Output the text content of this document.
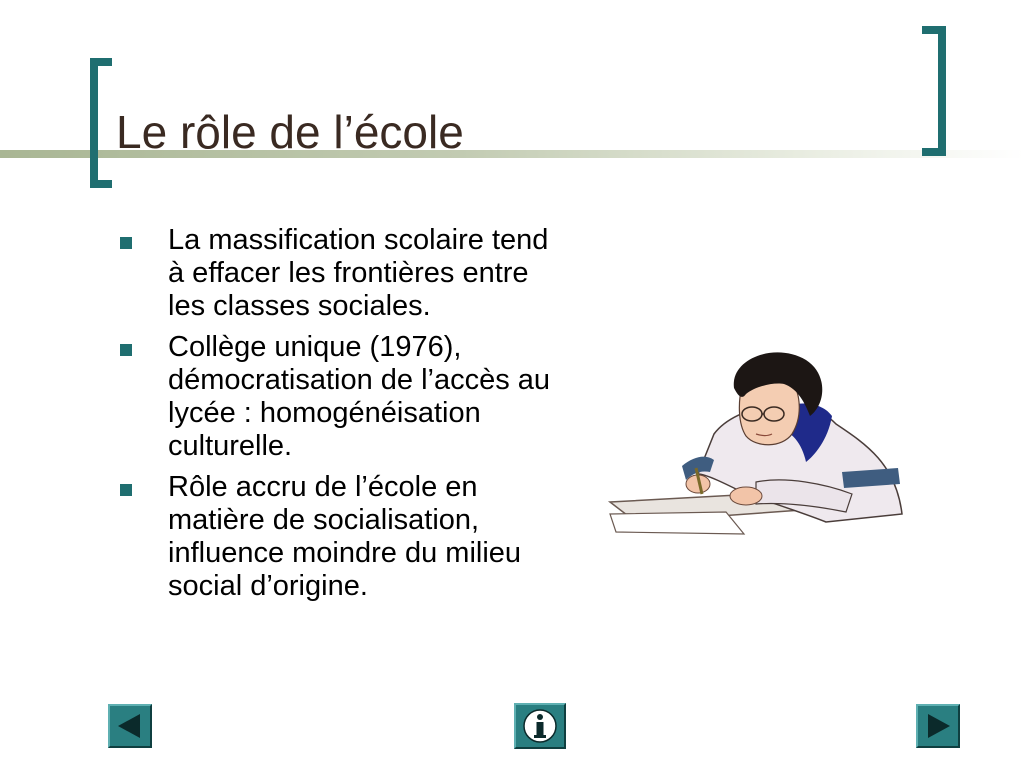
Le rôle de l’école
La massification scolaire tend à effacer les frontières entre les classes sociales.
Collège unique (1976), démocratisation de l’accès au lycée : homogénéisation culturelle.
Rôle accru de l’école en matière de socialisation, influence moindre du milieu social d’origine.
